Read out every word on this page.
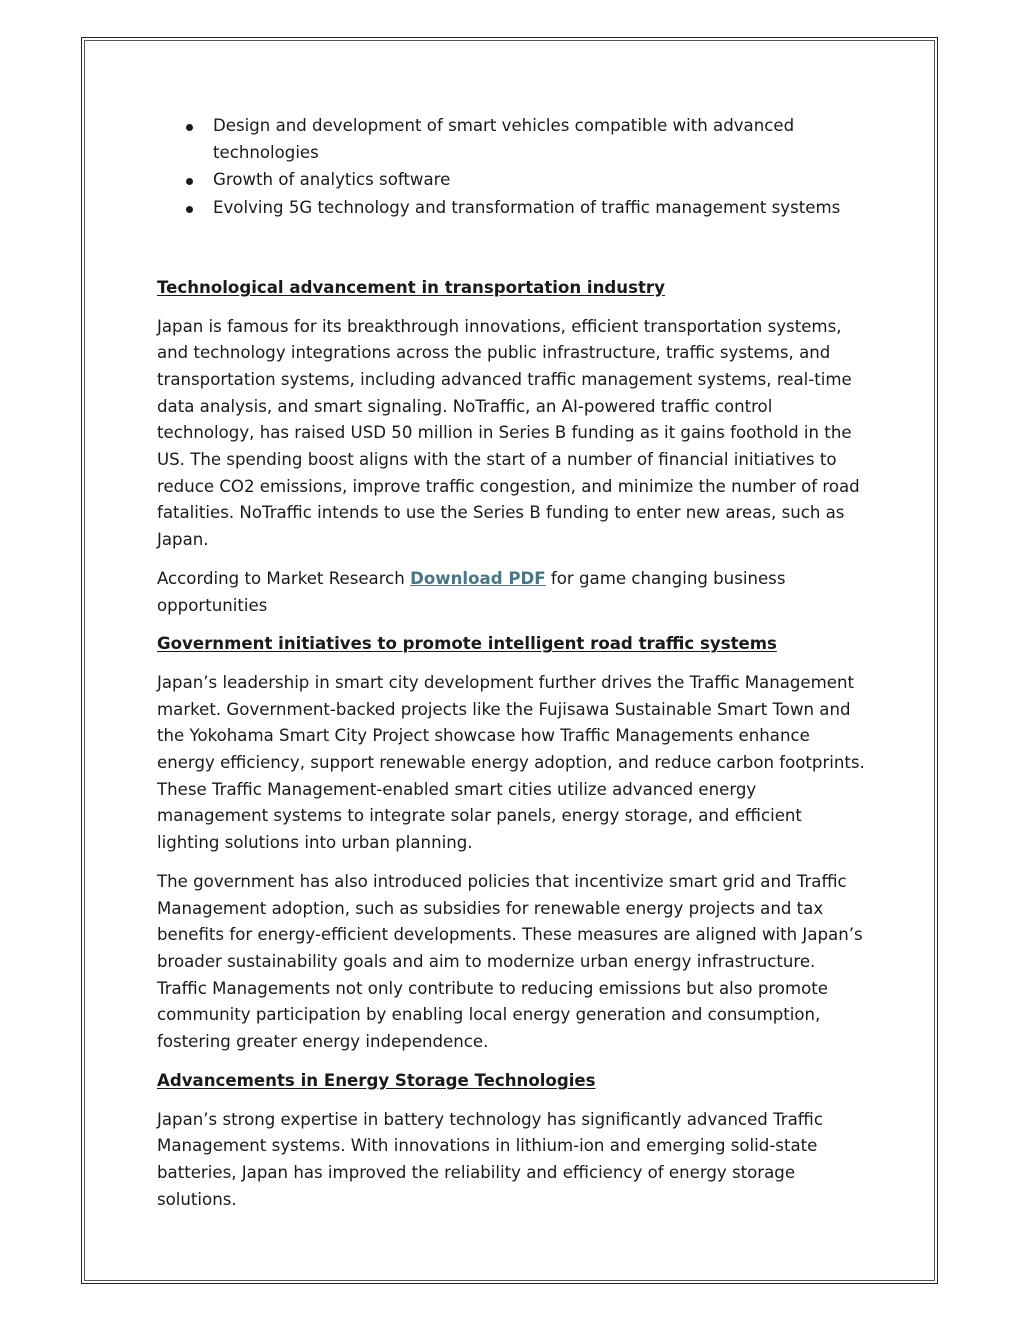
Design and development of smart vehicles compatible with advanced technologies
Growth of analytics software
Evolving 5G technology and transformation of traffic management systems
Technological advancement in transportation industry

Japan is famous for its breakthrough innovations, efficient transportation systems, and technology integrations across the public infrastructure, traffic systems, and transportation systems, including advanced traffic management systems, real-time data analysis, and smart signaling. NoTraffic, an AI-powered traffic control technology, has raised USD 50 million in Series B funding as it gains foothold in the US. The spending boost aligns with the start of a number of financial initiatives to reduce CO2 emissions, improve traffic congestion, and minimize the number of road fatalities. NoTraffic intends to use the Series B funding to enter new areas, such as Japan.

According to Market Research Download PDF for game changing business opportunities

Government initiatives to promote intelligent road traffic systems

Japan’s leadership in smart city development further drives the Traffic Management market. Government-backed projects like the Fujisawa Sustainable Smart Town and the Yokohama Smart City Project showcase how Traffic Managements enhance energy efficiency, support renewable energy adoption, and reduce carbon footprints. These Traffic Management-enabled smart cities utilize advanced energy management systems to integrate solar panels, energy storage, and efficient lighting solutions into urban planning.

The government has also introduced policies that incentivize smart grid and Traffic Management adoption, such as subsidies for renewable energy projects and tax benefits for energy-efficient developments. These measures are aligned with Japan’s broader sustainability goals and aim to modernize urban energy infrastructure. Traffic Managements not only contribute to reducing emissions but also promote community participation by enabling local energy generation and consumption, fostering greater energy independence.

Advancements in Energy Storage Technologies

Japan’s strong expertise in battery technology has significantly advanced Traffic Management systems. With innovations in lithium-ion and emerging solid-state batteries, Japan has improved the reliability and efficiency of energy storage solutions.
